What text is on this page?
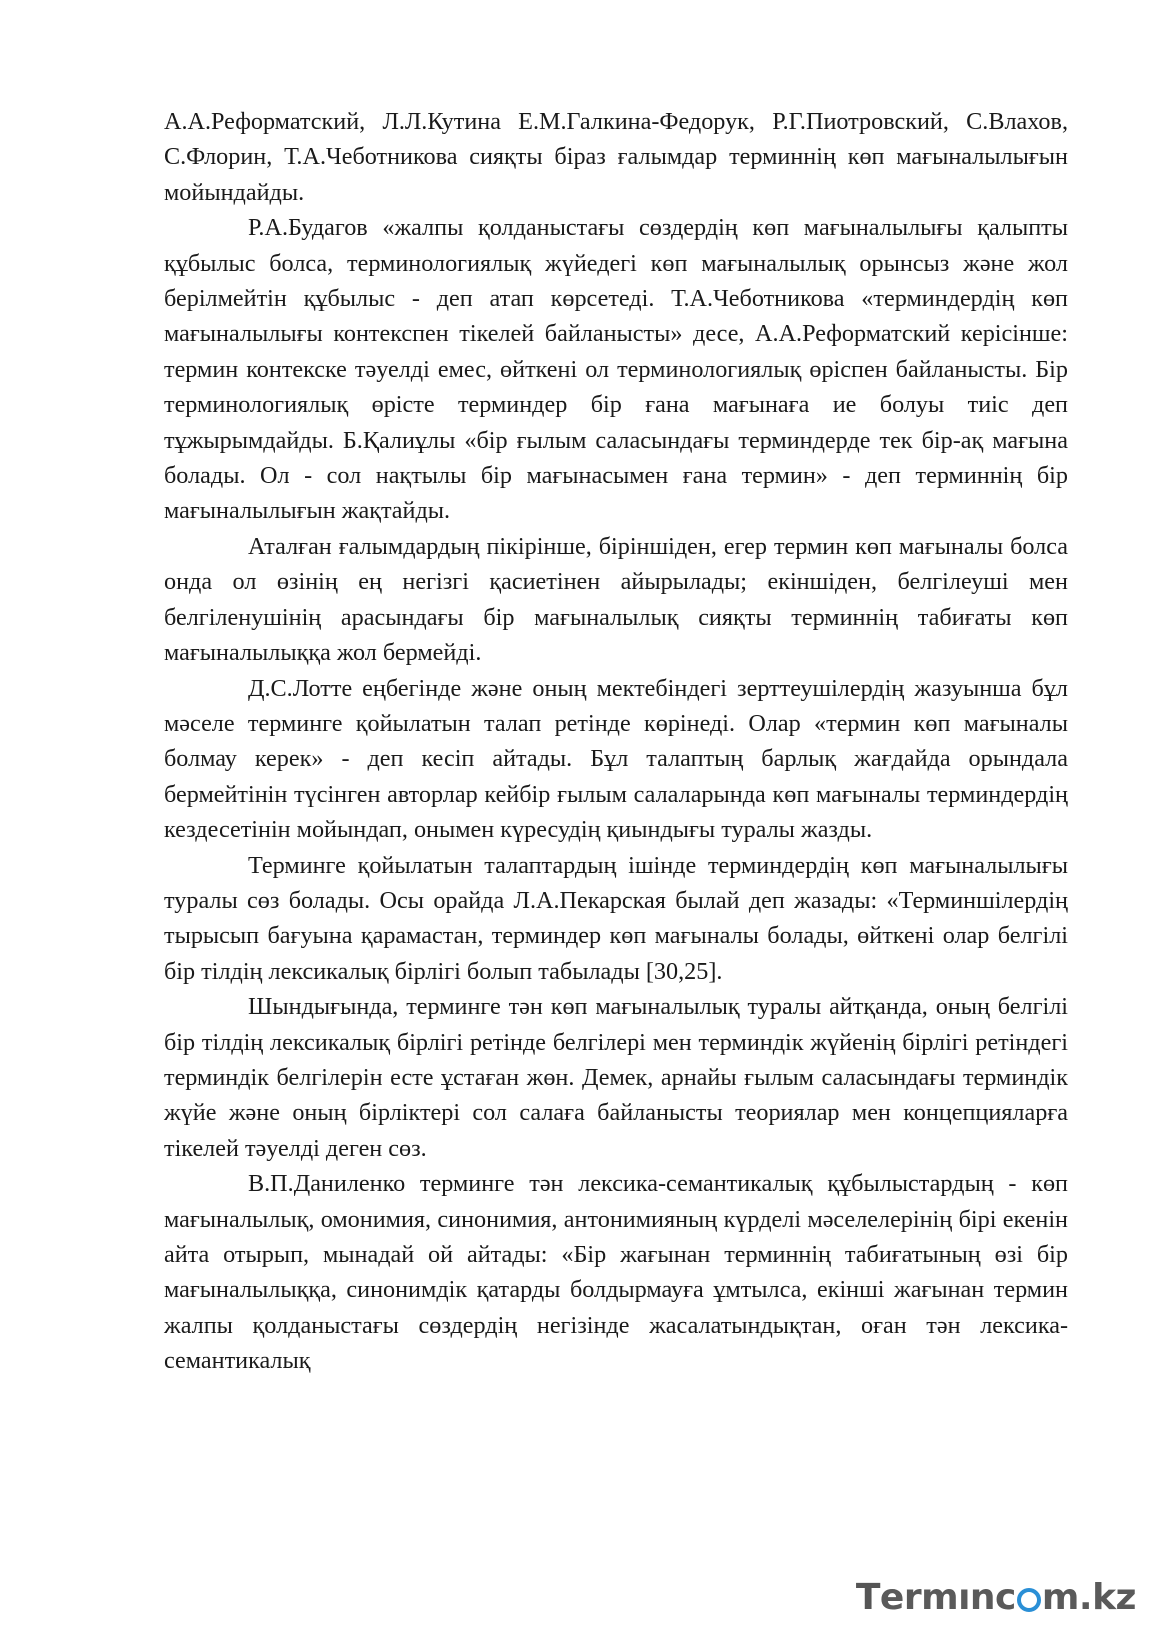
А.А.Реформатский, Л.Л.Кутина Е.М.Галкина-Федорук, Р.Г.Пиотровский, С.Влахов, С.Флорин, Т.А.Чеботникова сияқты біраз ғалымдар терминнің көп мағыналылығын мойындайды.

Р.А.Будагов «жалпы қолданыстағы сөздердің көп мағыналылығы қалыпты құбылыс болса, терминологиялық жүйедегі көп мағыналылық орынсыз және жол берілмейтін құбылыс - деп атап көрсетеді. Т.А.Чеботникова «терминдердің көп мағыналылығы контекспен тікелей байланысты» десе, А.А.Реформатский керісінше: термин контекске тәуелді емес, өйткені ол терминологиялық өріспен байланысты. Бір терминологиялық өрісте терминдер бір ғана мағынаға ие болуы тиіс деп тұжырымдайды. Б.Қалиұлы «бір ғылым саласындағы терминдерде тек бір-ақ мағына болады. Ол - сол нақтылы бір мағынасымен ғана термин» - деп терминнің бір мағыналылығын жақтайды.

Аталған ғалымдардың пікірінше, біріншіден, егер термин көп мағыналы болса онда ол өзінің ең негізгі қасиетінен айырылады; екіншіден, белгілеуші мен белгіленушінің арасындағы бір мағыналылық сияқты терминнің табиғаты көп мағыналылыққа жол бермейді.

Д.С.Лотте еңбегінде және оның мектебіндегі зерттеушілердің жазуынша бұл мәселе терминге қойылатын талап ретінде көрінеді. Олар «термин көп мағыналы болмау керек» - деп кесіп айтады. Бұл талаптың барлық жағдайда орындала бермейтінін түсінген авторлар кейбір ғылым салаларында көп мағыналы терминдердің кездесетінін мойындап, онымен күресудің қиындығы туралы жазды.

Терминге қойылатын талаптардың ішінде терминдердің көп мағыналылығы туралы сөз болады. Осы орайда Л.А.Пекарская былай деп жазады: «Терминшілердің тырысып бағуына қарамастан, терминдер көп мағыналы болады, өйткені олар белгілі бір тілдің лексикалық бірлігі болып табылады [30,25].

Шындығында, терминге тән көп мағыналылық туралы айтқанда, оның белгілі бір тілдің лексикалық бірлігі ретінде белгілері мен терминдік жүйенің бірлігі ретіндегі терминдік белгілерін есте ұстаған жөн. Демек, арнайы ғылым саласындағы терминдік жүйе және оның бірліктері сол салаға байланысты теориялар мен концепцияларға тікелей тәуелді деген сөз.

В.П.Даниленко терминге тән лексика-семантикалық құбылыстардың - көп мағыналылық, омонимия, синонимия, антонимияның күрделі мәселелерінің бірі екенін айта отырып, мынадай ой айтады: «Бір жағынан терминнің табиғатының өзі бір мағыналылыққа, синонимдік қатарды болдырмауға ұмтылса, екінші жағынан термин жалпы қолданыстағы сөздердің негізінде жасалатындықтан, оған тән лексика-семантикалық

T ermınc m.kz
